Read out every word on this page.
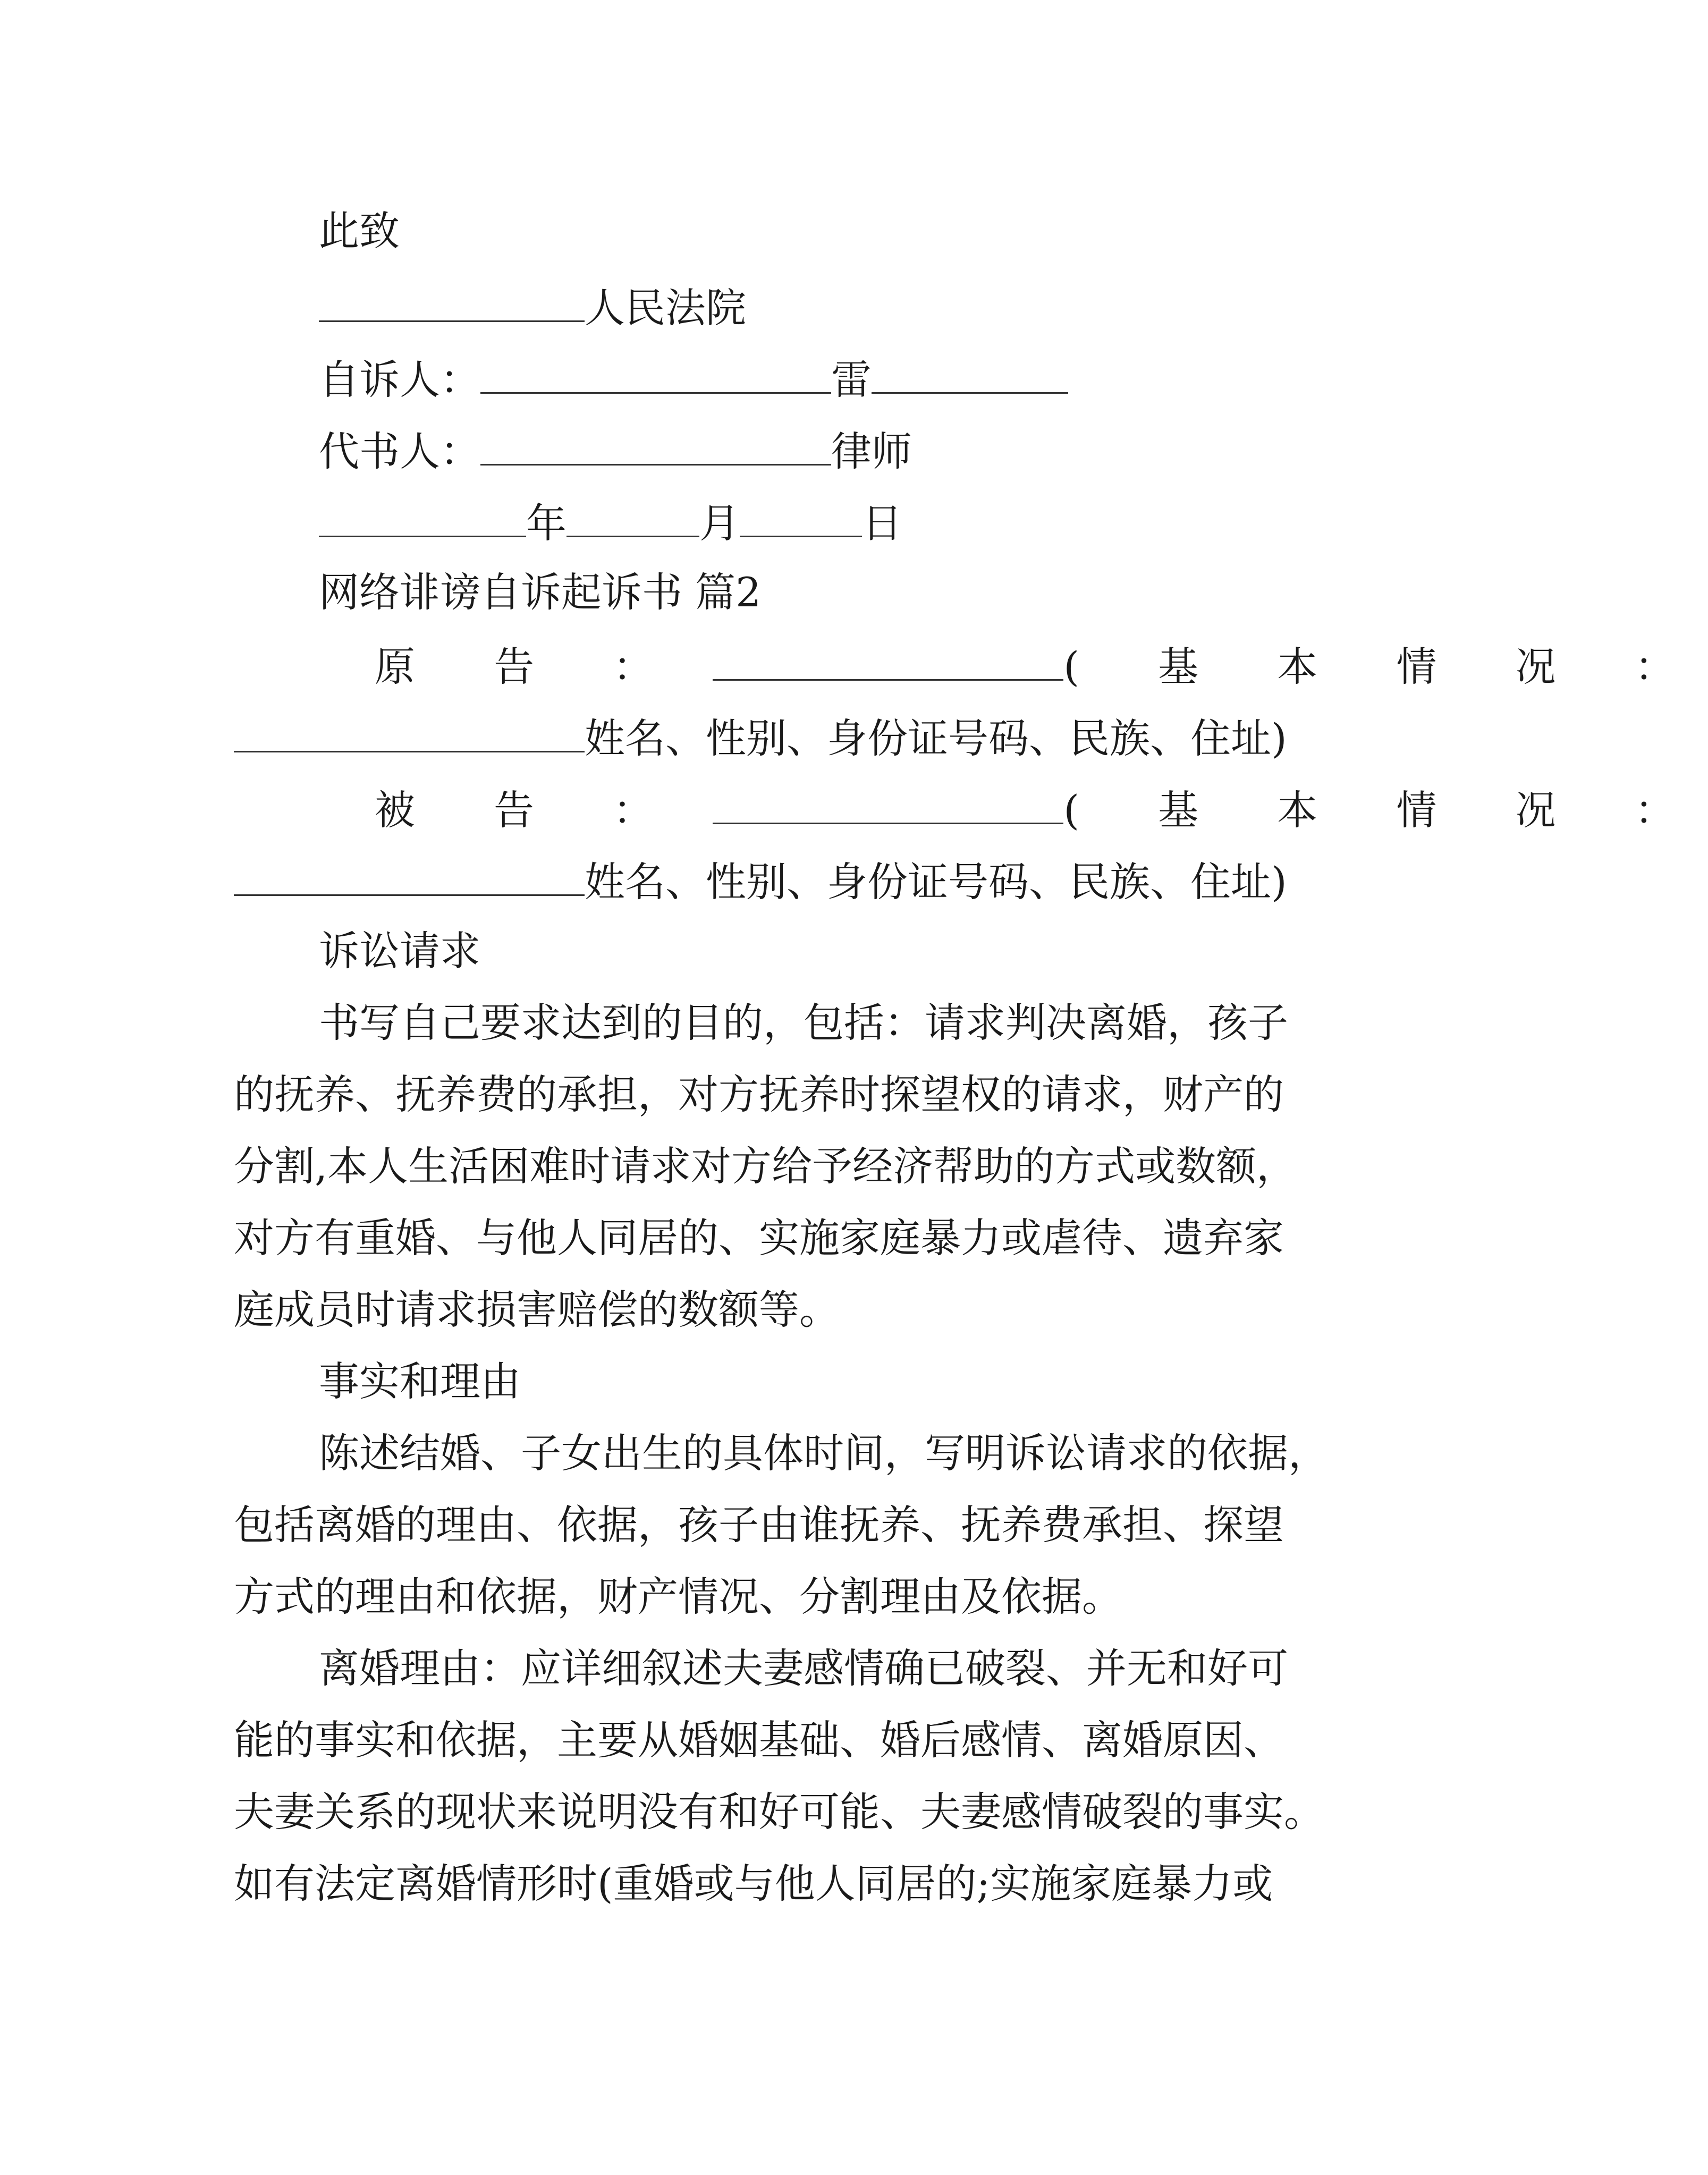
此致
人民法院
自诉人：	雷
代书人：	律师
年	月	日
网络诽谤自诉起诉书 篇2
原 告 ：	( 基 本 情 况 ：
姓名、性别、身份证号码、民族、住址)
被 告 ：	( 基 本 情 况 ：
姓名、性别、身份证号码、民族、住址)
诉讼请求
书写自己要求达到的目的，包括：请求判决离婚，孩子
的抚养、抚养费的承担，对方抚养时探望权的请求，财产的
分割,本人生活困难时请求对方给予经济帮助的方式或数额，
对方有重婚、与他人同居的、实施家庭暴力或虐待、遗弃家
庭成员时请求损害赔偿的数额等。
事实和理由
陈述结婚、子女出生的具体时间，写明诉讼请求的依据，
包括离婚的理由、依据，孩子由谁抚养、抚养费承担、探望
方式的理由和依据，财产情况、分割理由及依据。
离婚理由：应详细叙述夫妻感情确已破裂、并无和好可
能的事实和依据，主要从婚姻基础、婚后感情、离婚原因、
夫妻关系的现状来说明没有和好可能、夫妻感情破裂的事实。
如有法定离婚情形时(重婚或与他人同居的;实施家庭暴力或
